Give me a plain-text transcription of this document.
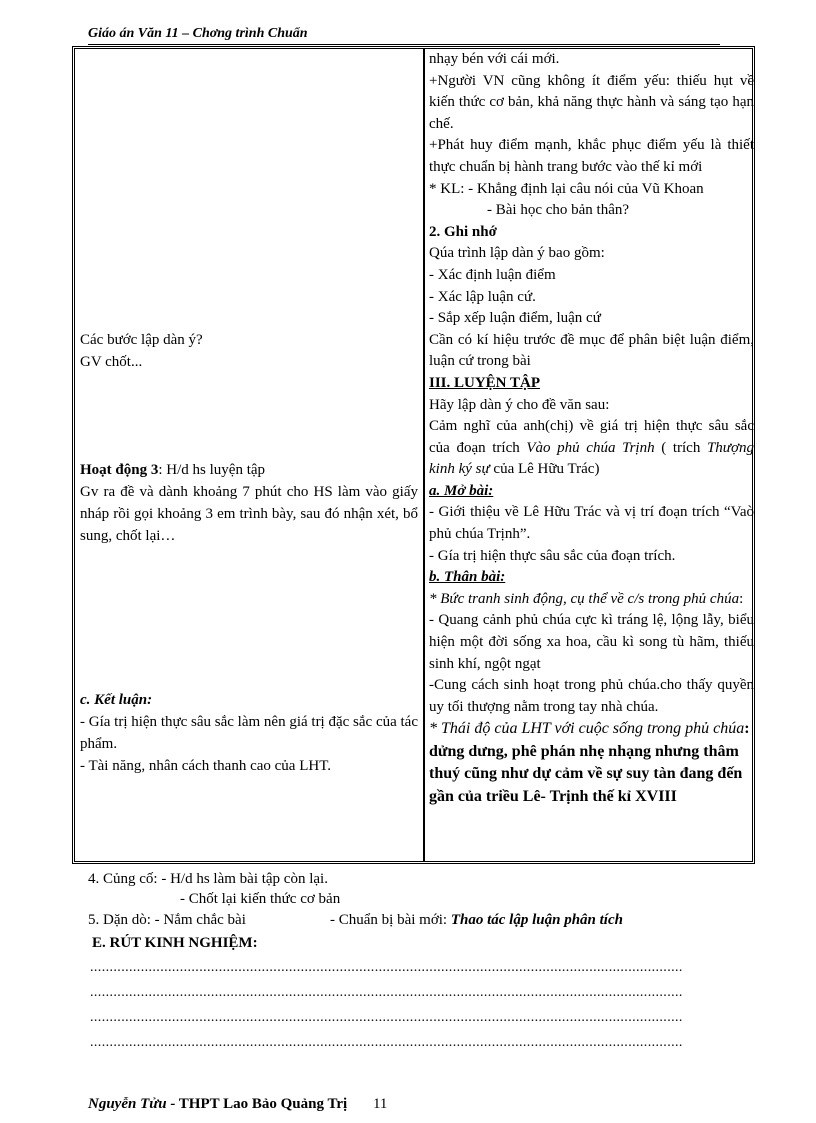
Giáo án Văn 11 – Chơng trình Chuẩn
Các bước lập dàn ý?
GV chốt...
Hoạt động 3: H/d hs luyện tập
Gv ra đề và dành khoảng 7 phút cho HS làm vào giấy nháp rồi gọi khoảng 3 em trình bày, sau đó nhận xét, bổ sung, chốt lại…
c. Kết luận:
- Gía trị hiện thực sâu sắc làm nên giá trị đặc sắc của tác phẩm.
- Tài năng, nhân cách thanh cao của LHT.
nhạy bén với cái mới.
+Người VN cũng không ít điểm yếu: thiếu hụt về kiến thức cơ bản, khả năng thực hành và sáng tạo hạn chế.
+Phát huy điểm mạnh, khắc phục điểm yếu là thiết thực chuẩn bị hành trang bước vào thế kỉ mới
* KL: - Khẳng định lại câu nói của Vũ Khoan
- Bài học cho bản thân?
2. Ghi nhớ
Qúa trình lập dàn ý bao gồm:
- Xác định luận điểm
- Xác lập luận cứ.
- Sắp xếp luận điểm, luận cứ
Cần có kí hiệu trước đề mục để phân biệt luận điểm, luận cứ trong bài
III. LUYỆN TẬP
Hãy lập dàn ý cho đề văn sau:
Cảm nghĩ của anh(chị) về giá trị hiện thực sâu sắc của đoạn trích Vào phủ chúa Trịnh ( trích Thượng kinh ký sự của Lê Hữu Trác)
a. Mở bài:
- Giới thiệu về Lê Hữu Trác và vị trí đoạn trích “Vaò phủ chúa Trịnh”.
- Gía trị hiện thực sâu sắc của đoạn trích.
b. Thân bài:
* Bức tranh sinh động, cụ thể về c/s trong phủ chúa:
- Quang cảnh phủ chúa cực kì tráng lệ, lộng lẫy, biểu hiện một đời sống xa hoa, cầu kì song tù hãm, thiếu sinh khí, ngột ngạt
-Cung cách sinh hoạt trong phủ chúa.cho thấy quyền uy tối thượng nằm trong tay nhà chúa.
* Thái độ của LHT với cuộc sống trong phủ chúa: dửng dưng, phê phán nhẹ nhạng nhưng thâm thuý cũng như dự cảm về sự suy tàn đang đến gần của triều Lê- Trịnh thế kỉ XVIII
4. Củng cố: - H/d hs làm bài tập còn lại.
- Chốt lại kiến thức cơ bản
5. Dặn dò: - Nắm chắc bài	- Chuẩn bị bài mới: Thao tác lập luận phân tích
E. RÚT KINH NGHIỆM:
........................................................................................................................................................
........................................................................................................................................................
........................................................................................................................................................
........................................................................................................................................................
Nguyễn Tửu - THPT Lao Bảo Quảng Trị 11
